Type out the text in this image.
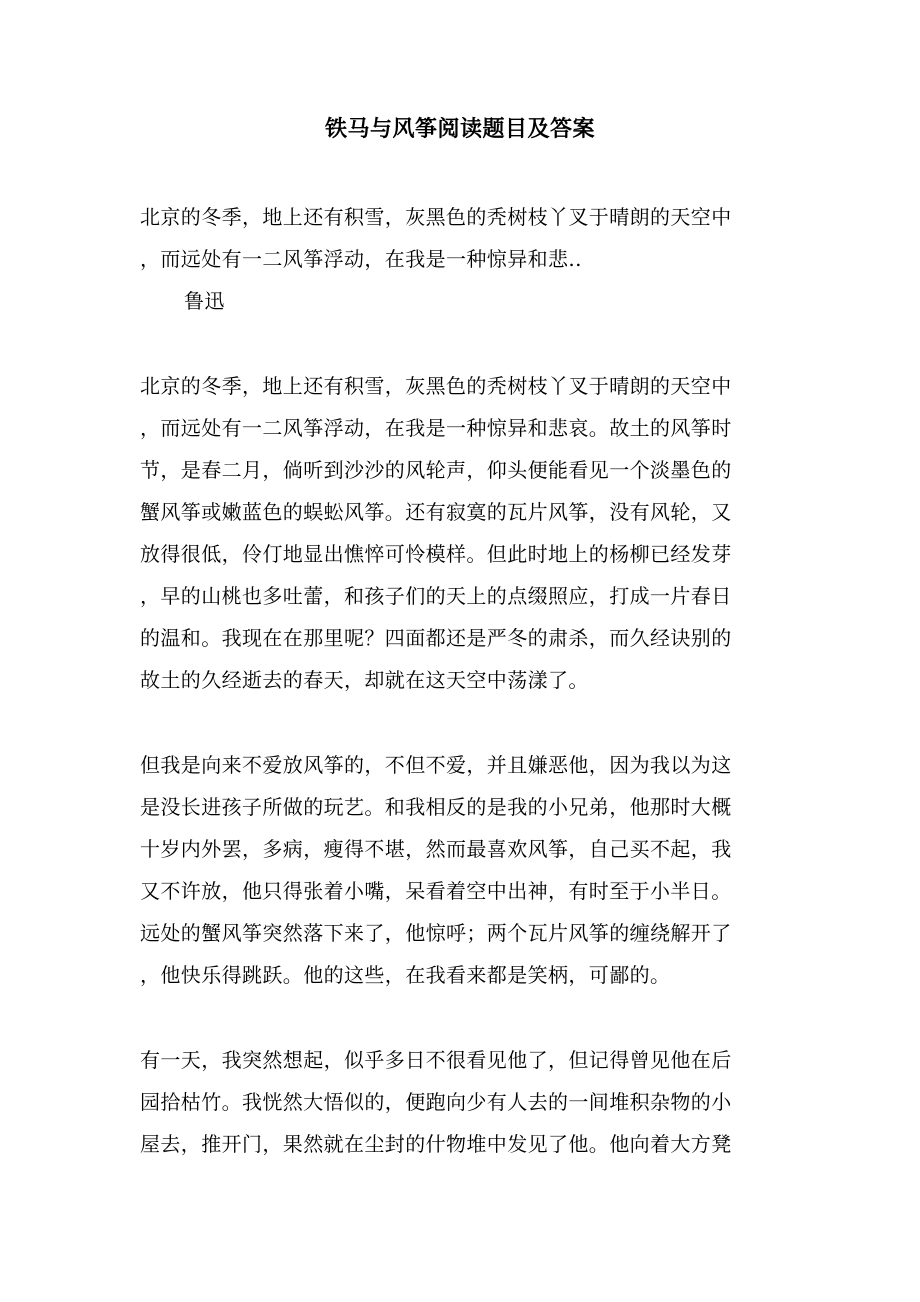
铁马与风筝阅读题目及答案
北京的冬季，地上还有积雪，灰黑色的秃树枝丫叉于晴朗的天空中
，而远处有一二风筝浮动，在我是一种惊异和悲..
鲁迅
北京的冬季，地上还有积雪，灰黑色的秃树枝丫叉于晴朗的天空中
，而远处有一二风筝浮动，在我是一种惊异和悲哀。故土的风筝时
节，是春二月，倘听到沙沙的风轮声，仰头便能看见一个淡墨色的
蟹风筝或嫩蓝色的蜈蚣风筝。还有寂寞的瓦片风筝，没有风轮，又
放得很低，伶仃地显出憔悴可怜模样。但此时地上的杨柳已经发芽
，早的山桃也多吐蕾，和孩子们的天上的点缀照应，打成一片春日
的温和。我现在在那里呢？四面都还是严冬的肃杀，而久经诀别的
故土的久经逝去的春天，却就在这天空中荡漾了。
但我是向来不爱放风筝的，不但不爱，并且嫌恶他，因为我以为这
是没长进孩子所做的玩艺。和我相反的是我的小兄弟，他那时大概
十岁内外罢，多病，瘦得不堪，然而最喜欢风筝，自己买不起，我
又不许放，他只得张着小嘴，呆看着空中出神，有时至于小半日。
远处的蟹风筝突然落下来了，他惊呼；两个瓦片风筝的缠绕解开了
，他快乐得跳跃。他的这些，在我看来都是笑柄，可鄙的。
有一天，我突然想起，似乎多日不很看见他了，但记得曾见他在后
园拾枯竹。我恍然大悟似的，便跑向少有人去的一间堆积杂物的小
屋去，推开门，果然就在尘封的什物堆中发见了他。他向着大方凳
